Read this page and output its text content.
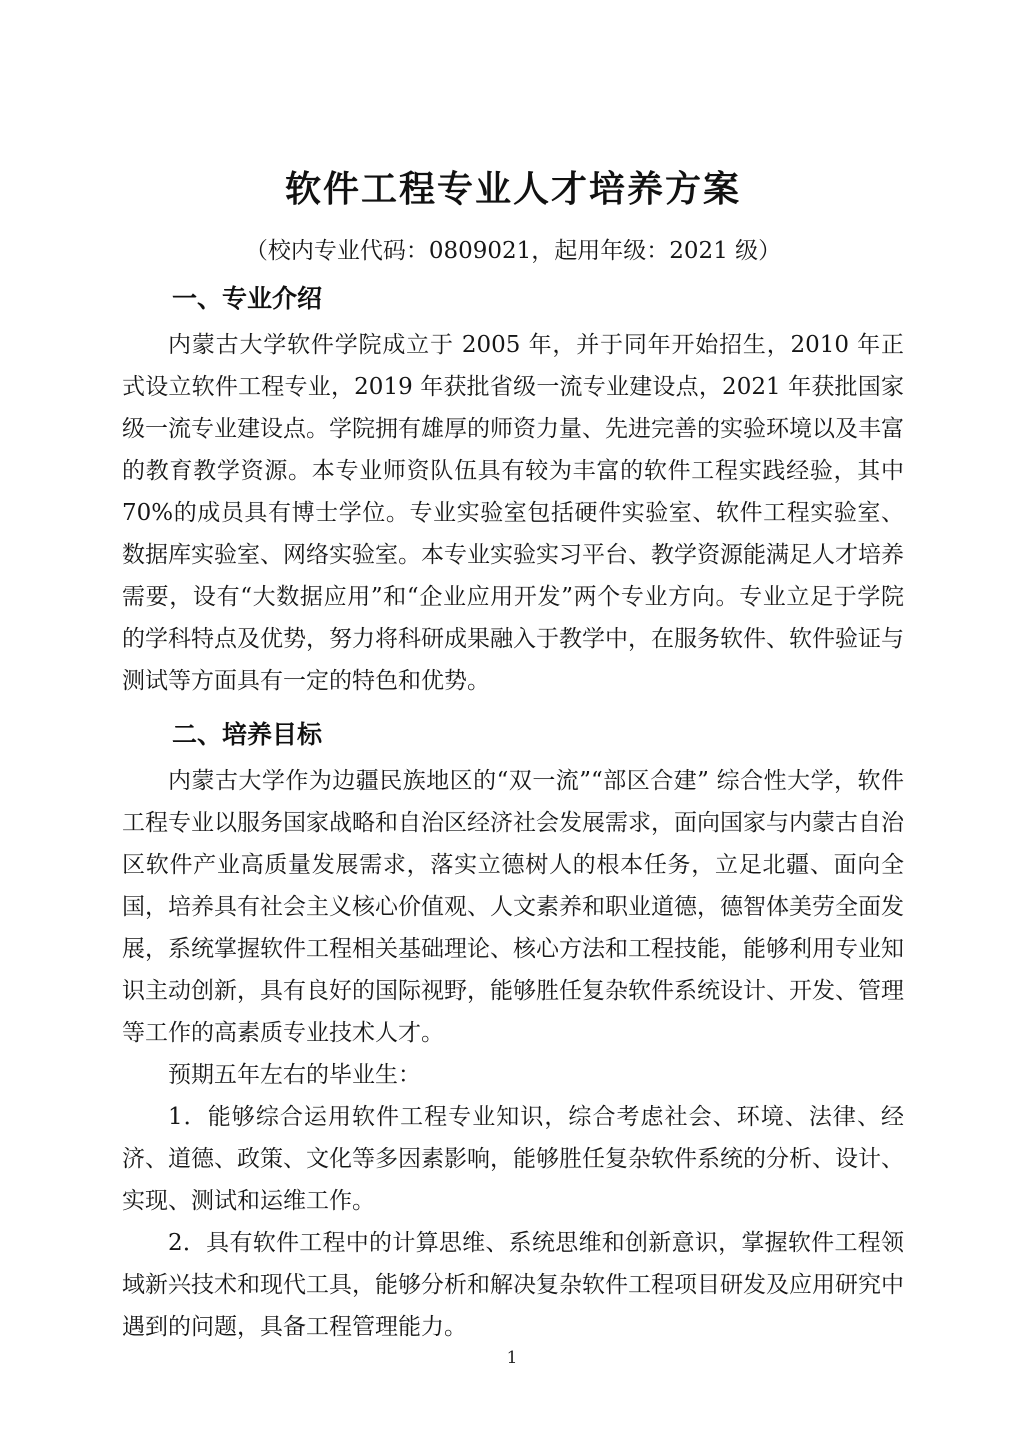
软件工程专业人才培养方案
（校内专业代码：0809021，起用年级：2021 级）
一、专业介绍

内蒙古大学软件学院成立于 2005 年，并于同年开始招生，2010 年正式设立软件工程专业，2019 年获批省级一流专业建设点，2021 年获批国家级一流专业建设点。学院拥有雄厚的师资力量、先进完善的实验环境以及丰富的教育教学资源。本专业师资队伍具有较为丰富的软件工程实践经验，其中 70%的成员具有博士学位。专业实验室包括硬件实验室、软件工程实验室、数据库实验室、网络实验室。本专业实验实习平台、教学资源能满足人才培养需要，设有“大数据应用”和“企业应用开发”两个专业方向。专业立足于学院的学科特点及优势，努力将科研成果融入于教学中，在服务软件、软件验证与测试等方面具有一定的特色和优势。

二、培养目标

内蒙古大学作为边疆民族地区的“双一流”“部区合建” 综合性大学，软件工程专业以服务国家战略和自治区经济社会发展需求，面向国家与内蒙古自治区软件产业高质量发展需求，落实立德树人的根本任务，立足北疆、面向全国，培养具有社会主义核心价值观、人文素养和职业道德，德智体美劳全面发展，系统掌握软件工程相关基础理论、核心方法和工程技能，能够利用专业知识主动创新，具有良好的国际视野，能够胜任复杂软件系统设计、开发、管理等工作的高素质专业技术人才。

预期五年左右的毕业生：

1．能够综合运用软件工程专业知识，综合考虑社会、环境、法律、经济、道德、政策、文化等多因素影响，能够胜任复杂软件系统的分析、设计、实现、测试和运维工作。

2．具有软件工程中的计算思维、系统思维和创新意识，掌握软件工程领域新兴技术和现代工具，能够分析和解决复杂软件工程项目研发及应用研究中遇到的问题，具备工程管理能力。

1
